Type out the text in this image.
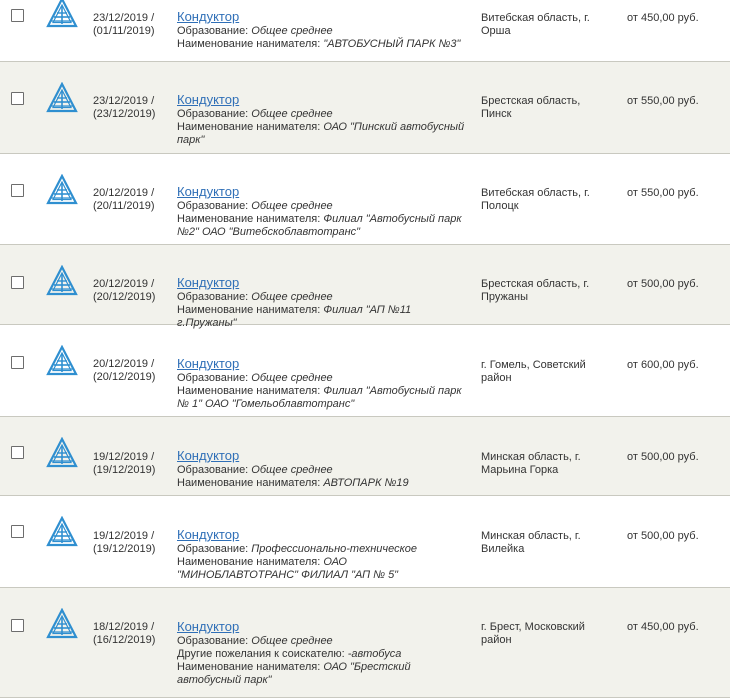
23/12/2019 /
(01/11/2019)
Кондуктор
Образование: Общее среднее
Наименование нанимателя: "АВТОБУСНЫЙ ПАРК №3"
Витебская область, г. Орша
от 450,00 руб.
23/12/2019 /
(23/12/2019)
Кондуктор
Образование: Общее среднее
Наименование нанимателя: ОАО "Пинский автобусный парк"
Брестская область, Пинск
от 550,00 руб.
20/12/2019 /
(20/11/2019)
Кондуктор
Образование: Общее среднее
Наименование нанимателя: Филиал "Автобусный парк №2" ОАО "Витебскоблавтотранс"
Витебская область, г. Полоцк
от 550,00 руб.
20/12/2019 /
(20/12/2019)
Кондуктор
Образование: Общее среднее
Наименование нанимателя: Филиал "АП №11 г.Пружаны"
Брестская область, г. Пружаны
от 500,00 руб.
20/12/2019 /
(20/12/2019)
Кондуктор
Образование: Общее среднее
Наименование нанимателя: Филиал "Автобусный парк № 1" ОАО "Гомельоблавтотранс"
г. Гомель, Советский район
от 600,00 руб.
19/12/2019 /
(19/12/2019)
Кондуктор
Образование: Общее среднее
Наименование нанимателя: АВТОПАРК №19
Минская область, г. Марьина Горка
от 500,00 руб.
19/12/2019 /
(19/12/2019)
Кондуктор
Образование: Профессионально-техническое
Наименование нанимателя: ОАО "МИНОБЛАВТОТРАНС" ФИЛИАЛ "АП № 5"
Минская область, г. Вилейка
от 500,00 руб.
18/12/2019 /
(16/12/2019)
Кондуктор
Образование: Общее среднее
Другие пожелания к соискателю: -автобуса
Наименование нанимателя: ОАО "Брестский автобусный парк"
г. Брест, Московский район
от 450,00 руб.
